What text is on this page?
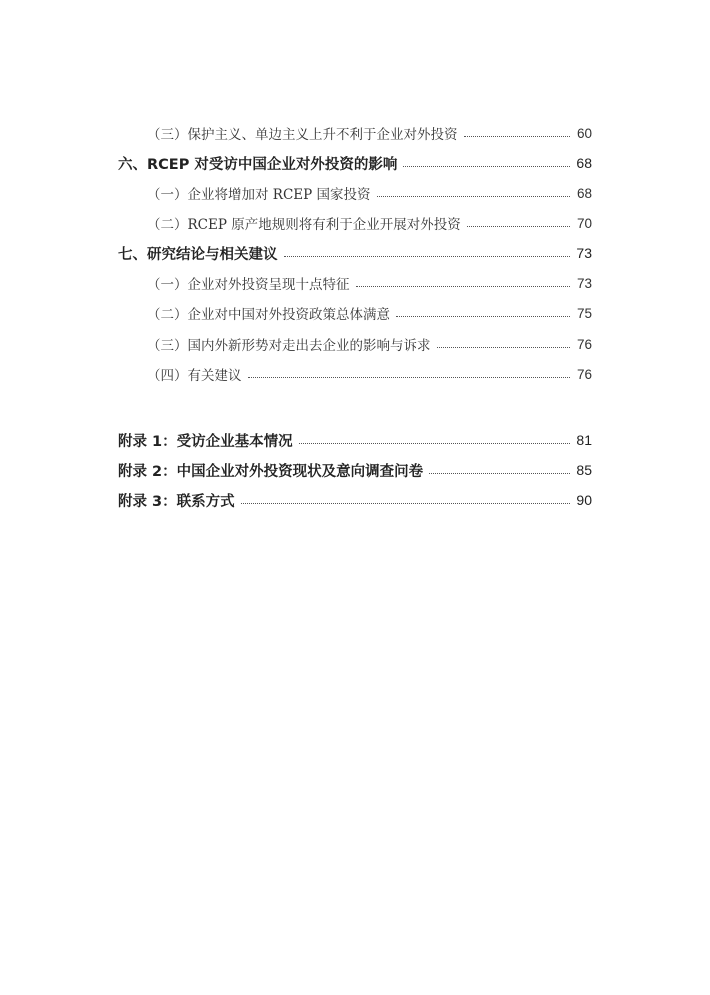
（三）保护主义、单边主义上升不利于企业对外投资	60
六、RCEP 对受访中国企业对外投资的影响	68
（一）企业将增加对 RCEP 国家投资	68
（二）RCEP 原产地规则将有利于企业开展对外投资	70
七、研究结论与相关建议	73
（一）企业对外投资呈现十点特征	73
（二）企业对中国对外投资政策总体满意	75
（三）国内外新形势对走出去企业的影响与诉求	76
（四）有关建议	76
附录 1：受访企业基本情况	81
附录 2：中国企业对外投资现状及意向调查问卷	85
附录 3：联系方式	90
